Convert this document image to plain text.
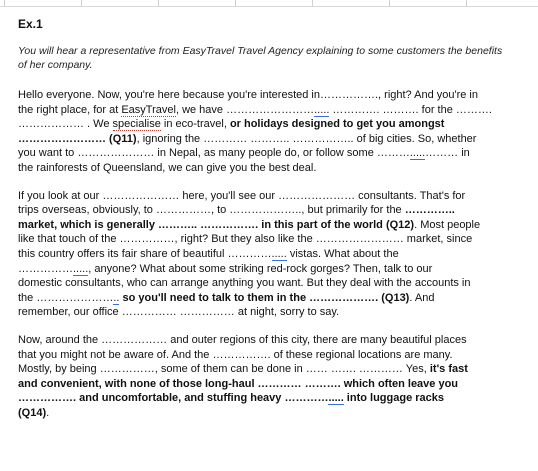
Ex.1

You will hear a representative from EasyTravel Travel Agency explaining to some customers the benefits
of her company.

Hello everyone. Now, you're here because you're interested in……………., right? And you're in
the right place, for at EasyTravel, we have ……………………..... …………. ………. for the ……….
……………… . We specialise in eco-travel, or holidays designed to get you amongst
…………………… (Q11), ignoring the ………… ……….. …………….. of big cities. So, whether
you want to ………………… in Nepal, as many people do, or follow some ……….....……… in
the rainforests of Queensland, we can give you the best deal.

If you look at our ………………… here, you'll see our ………………… consultants. That's for
trips overseas, obviously, to ……………, to ……………….., but primarily for the …………..
market, which is generally ……….. ……………. in this part of the world (Q12). Most people
like that touch of the ……………, right? But they also like the …………………… market, since
this country offers its fair share of beautiful …………..... vistas. What about the
……………....., anyone? What about some striking red-rock gorges? Then, talk to our
domestic consultants, who can arrange anything you want. But they deal with the accounts in
the ………………….. so you'll need to talk to them in the ………………. (Q13). And
remember, our office …………… …………… at night, sorry to say.

Now, around the ……………… and outer regions of this city, there are many beautiful places
that you might not be aware of. And the ……………. of these regional locations are many.
Mostly, by being ……………, some of them can be done in …… ……. ………… Yes, it's fast
and convenient, with none of those long-haul ………… ………. which often leave you
……………. and uncomfortable, and stuffing heavy …………..... into luggage racks
(Q14).
